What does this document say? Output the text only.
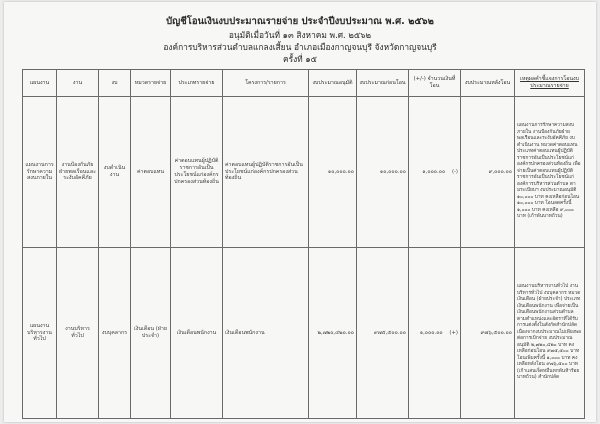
บัญชีโอนเงินงบประมาณรายจ่าย ประจำปีงบประมาณ พ.ศ. ๒๕๖๒
อนุมัติเมื่อวันที่ ๑๓ สิงหาคม พ.ศ. ๒๕๖๒
องค์การบริหารส่วนตำบลแกลงเสี้ยน อำเภอเมืองกาญจนบุรี จังหวัดกาญจนบุรี
ครั้งที่ ๑๕
แผนงาน	งาน	งบ	หมวดรายจ่าย	ประเภทรายจ่าย	โครงการ/รายการ	งบประมาณอนุมัติ	งบประมาณก่อนโอน	(+/-) จำนวนเงินที่โอน	งบประมาณหลังโอน	เหตุผลคำชี้แจงการโอนงบประมาณรายจ่าย
แผนงานการรักษาความสงบภายใน	งานป้องกันภัยฝ่ายพลเรือนและระงับอัคคีภัย	งบดำเนินงาน	ค่าตอบแทน	ค่าตอบแทนผู้ปฏิบัติราชการอันเป็นประโยชน์แก่องค์กรปกครองส่วนท้องถิ่น	ค่าตอบแทนผู้ปฏิบัติราชการอันเป็นประโยชน์แก่องค์กรปกครองส่วนท้องถิ่น	๑๐,๐๐๐.๐๐	๑๐,๐๐๐.๐๐	๑,๐๐๐.๐๐ (-)	๙,๐๐๐.๐๐	แผนงานการรักษาความสงบภายใน งานป้องกันภัยฝ่ายพลเรือนและระงับอัคคีภัย งบดำเนินงาน หมวดค่าตอบแทน ประเภทค่าตอบแทนผู้ปฏิบัติราชการอันเป็นประโยชน์แก่องค์กรปกครองส่วนท้องถิ่น เพื่อจ่ายเป็นค่าตอบแทนผู้ปฏิบัติราชการอันเป็นประโยชน์แก่องค์การบริหารส่วนตำบล ตามระเบียบฯ งบประมาณอนุมัติ ๑๐,๐๐๐ บาท คงเหลือก่อนโอน ๑๐,๐๐๐ บาท โอนลดครั้งนี้ ๑,๐๐๐ บาท คงเหลือ ๙,๐๐๐ บาท (เก้าพันบาทถ้วน)
แผนงานบริหารงานทั่วไป	งานบริหารทั่วไป	งบบุคลากร	เงินเดือน (ฝ่ายประจำ)	เงินเดือนพนักงาน	เงินเดือนพนักงาน	๒,๗๒๐,๔๒๐.๐๐	๙๗๕,๕๐๐.๐๐	๑,๐๐๐.๐๐ (+)	๙๗๖,๕๐๐.๐๐	แผนงานบริหารงานทั่วไป งานบริหารทั่วไป งบบุคลากร หมวดเงินเดือน (ฝ่ายประจำ) ประเภทเงินเดือนพนักงาน เพื่อจ่ายเป็นเงินเดือนพนักงานส่วนตำบล ตามตำแหน่งและอัตราที่ได้รับการแต่งตั้งในสังกัดสำนักปลัด เนื่องจากงบประมาณไม่เพียงพอต่อการเบิกจ่าย งบประมาณอนุมัติ ๒,๗๒๐,๔๒๐ บาท คงเหลือก่อนโอน ๙๗๕,๕๐๐ บาท โอนเพิ่มครั้งนี้ ๑,๐๐๐ บาท คงเหลือหลังโอน ๙๗๖,๕๐๐ บาท (เก้าแสนเจ็ดหมื่นหกพันห้าร้อยบาทถ้วน) สำนักปลัด
